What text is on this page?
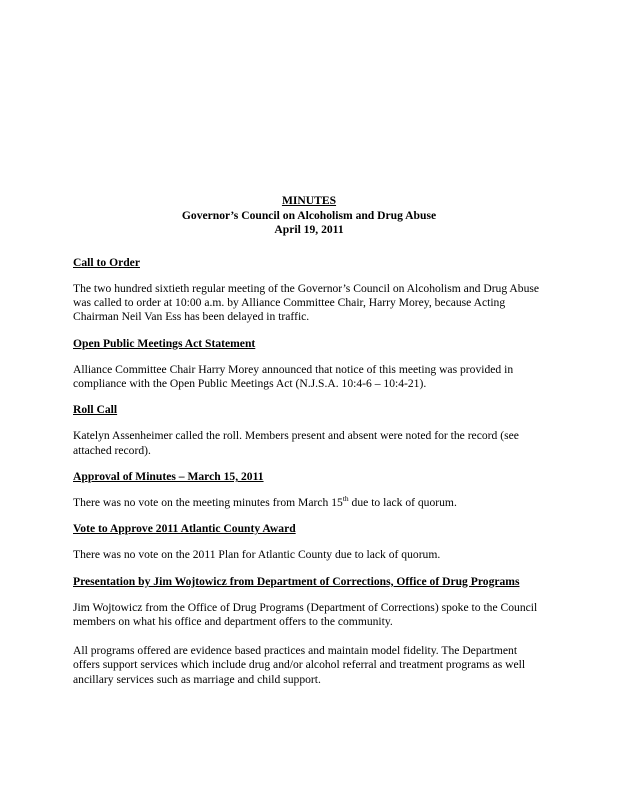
MINUTES
Governor’s Council on Alcoholism and Drug Abuse
April 19, 2011
Call to Order
The two hundred sixtieth regular meeting of the Governor’s Council on Alcoholism and Drug Abuse was called to order at 10:00 a.m. by Alliance Committee Chair, Harry Morey, because Acting Chairman Neil Van Ess has been delayed in traffic.
Open Public Meetings Act Statement
Alliance Committee Chair Harry Morey announced that notice of this meeting was provided in compliance with the Open Public Meetings Act (N.J.S.A. 10:4-6 – 10:4-21).
Roll Call
Katelyn Assenheimer called the roll. Members present and absent were noted for the record (see attached record).
Approval of Minutes – March 15, 2011
There was no vote on the meeting minutes from March 15th due to lack of quorum.
Vote to Approve 2011 Atlantic County Award
There was no vote on the 2011 Plan for Atlantic County due to lack of quorum.
Presentation by Jim Wojtowicz from Department of Corrections, Office of Drug Programs
Jim Wojtowicz from the Office of Drug Programs (Department of Corrections) spoke to the Council members on what his office and department offers to the community.
All programs offered are evidence based practices and maintain model fidelity. The Department offers support services which include drug and/or alcohol referral and treatment programs as well ancillary services such as marriage and child support.
